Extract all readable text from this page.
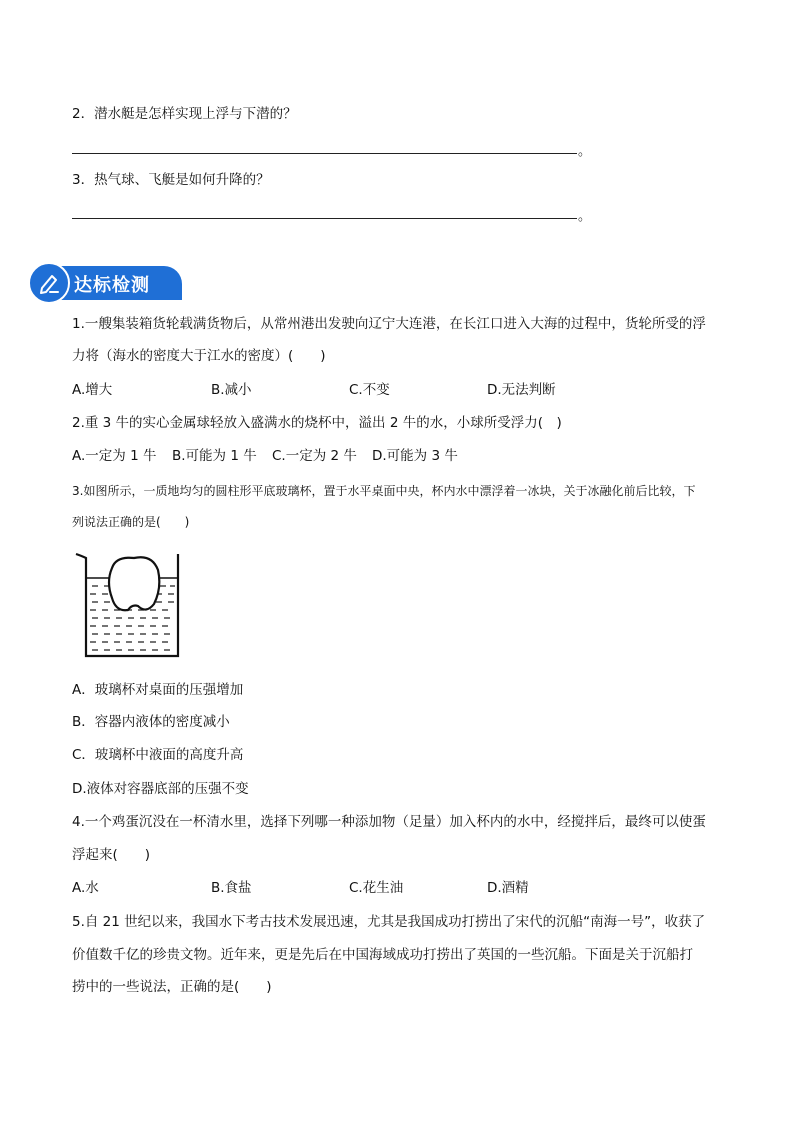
2．潜水艇是怎样实现上浮与下潜的？
。
3．热气球、飞艇是如何升降的？
。
达标检测
1.一艘集装箱货轮载满货物后，从常州港出发驶向辽宁大连港，在长江口进入大海的过程中，货轮所受的浮
力将（海水的密度大于江水的密度）(　　)
A.增大	B.减小	C.不变	D.无法判断
2.重 3 牛的实心金属球轻放入盛满水的烧杯中，溢出 2 牛的水，小球所受浮力(　)
A.一定为 1 牛 B.可能为 1 牛 C.一定为 2 牛 D.可能为 3 牛
3.如图所示，一质地均匀的圆柱形平底玻璃杯，置于水平桌面中央，杯内水中漂浮着一冰块，关于冰融化前后比较，下
列说法正确的是(　　)
A．玻璃杯对桌面的压强增加
B．容器内液体的密度减小
C．玻璃杯中液面的高度升高
D.液体对容器底部的压强不变
4.一个鸡蛋沉没在一杯清水里，选择下列哪一种添加物（足量）加入杯内的水中，经搅拌后，最终可以使蛋
浮起来(　　)
A.水	B.食盐	C.花生油	D.酒精
5.自 21 世纪以来，我国水下考古技术发展迅速，尤其是我国成功打捞出了宋代的沉船“南海一号”，收获了
价值数千亿的珍贵文物。近年来，更是先后在中国海域成功打捞出了英国的一些沉船。下面是关于沉船打
捞中的一些说法，正确的是(　　)
